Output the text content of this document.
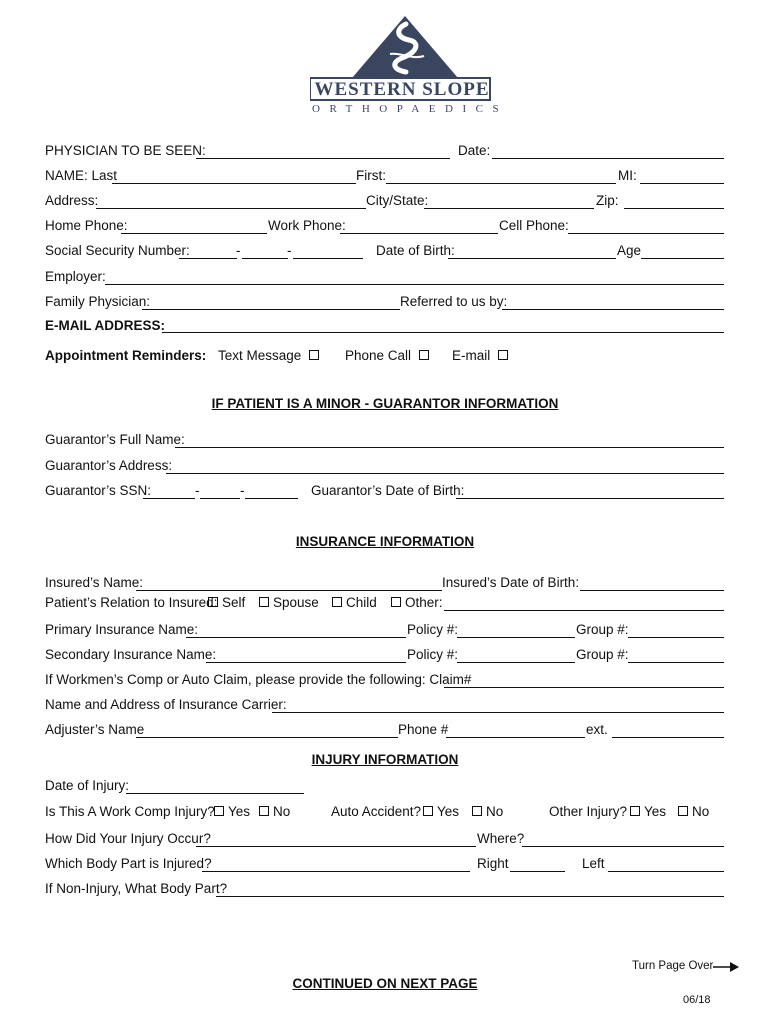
WESTERN SLOPE
ORTHOPAEDICS
PHYSICIAN TO BE SEEN:	Date:
NAME: Last	First:	MI:
Address:	City/State:	Zip:
Home Phone:	Work Phone:	Cell Phone:
Social Security Number:	-	-	Date of Birth:	Age
Employer:
Family Physician:	Referred to us by:
E-MAIL ADDRESS:
Appointment Reminders: Text Message	Phone Call	E-mail
IF PATIENT IS A MINOR - GUARANTOR INFORMATION
Guarantor’s Full Name:
Guarantor’s Address:
Guarantor’s SSN:	-	-	Guarantor’s Date of Birth:
INSURANCE INFORMATION
Insured’s Name:	Insured’s Date of Birth:
Patient’s Relation to Insured: Self	Spouse	Child	Other:
Primary Insurance Name:	Policy #:	Group #:
Secondary Insurance Name:	Policy #:	Group #:
If Workmen’s Comp or Auto Claim, please provide the following: Claim#
Name and Address of Insurance Carrier:
Adjuster’s Name	Phone #	ext.
INJURY INFORMATION
Date of Injury:
Is This A Work Comp Injury? Yes	No	Auto Accident?	Yes	No	Other Injury?	Yes	No
How Did Your Injury Occur?	Where?
Which Body Part is Injured?	Right	Left
If Non-Injury, What Body Part?
Turn Page Over
CONTINUED ON NEXT PAGE
06/18
